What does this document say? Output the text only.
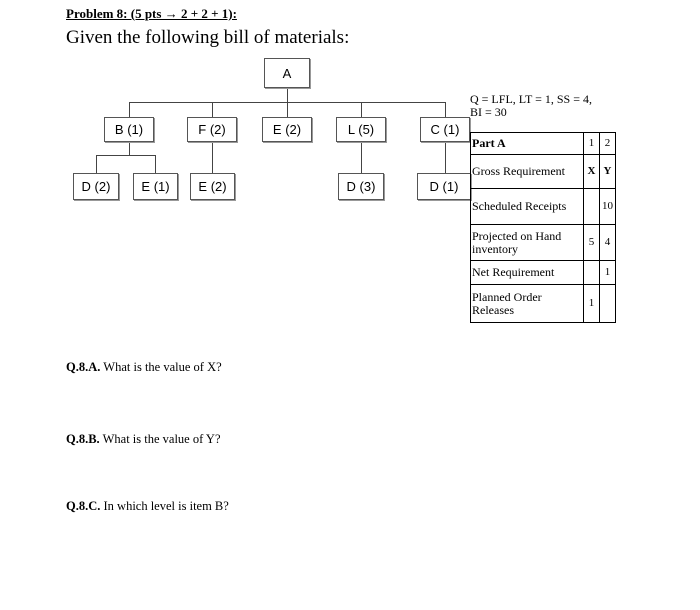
Problem 8: (5 pts → 2 + 2 + 1):
Given the following bill of materials:
A
B (1)	F (2)	E (2)	L (5)	C (1)
D (2)	E (1)	E (2)	D (3)	D (1)
Q = LFL, LT = 1, SS = 4,
BI = 30
Part A	1	2
Gross Requirement	X	Y
Scheduled Receipts		10
Projected on Hand inventory	5	4
Net Requirement		1
Planned Order Releases	1	
Q.8.A. What is the value of X?
Q.8.B. What is the value of Y?
Q.8.C. In which level is item B?
